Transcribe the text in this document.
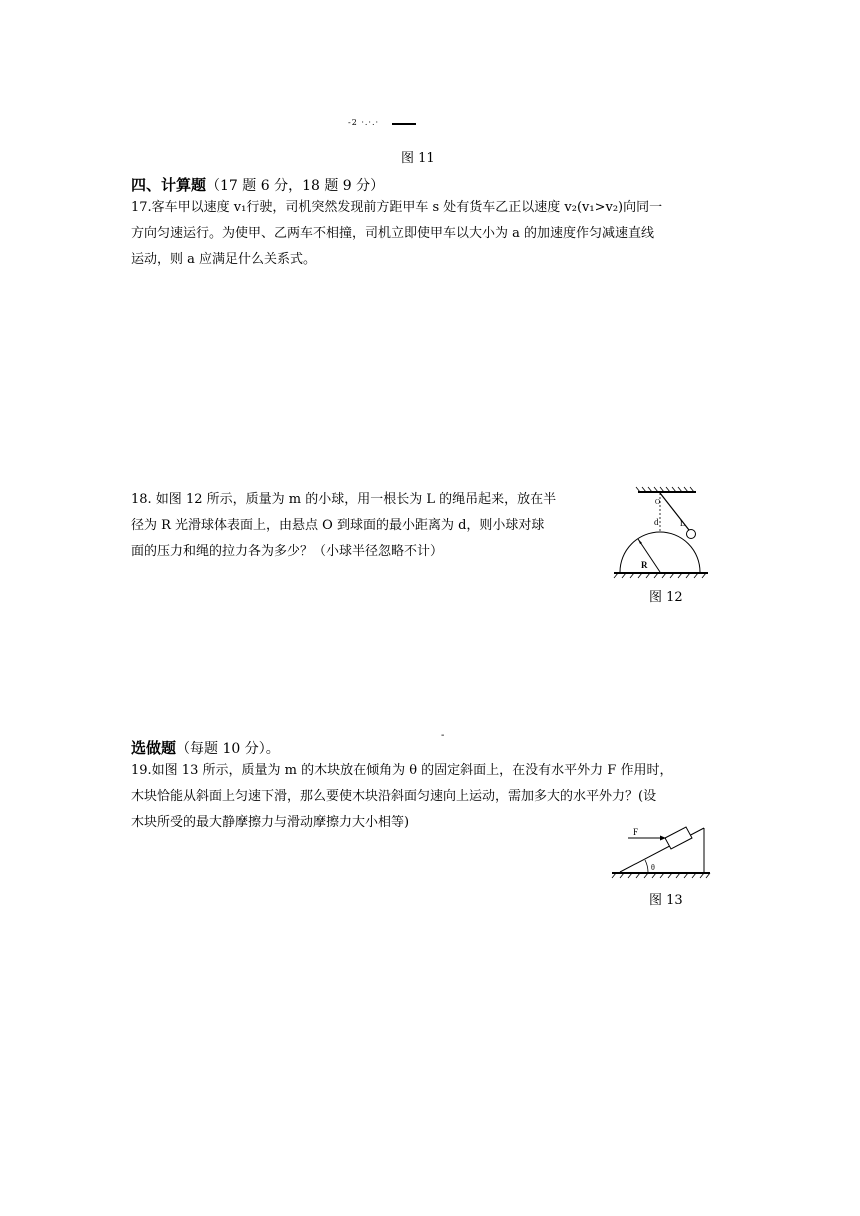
-2 ·.·.·
图 11
四、计算题（17 题 6 分，18 题 9 分）
17.客车甲以速度 v₁行驶，司机突然发现前方距甲车 s 处有货车乙正以速度 v₂(v₁>v₂)向同一
方向匀速运行。为使甲、乙两车不相撞，司机立即使甲车以大小为 a 的加速度作匀减速直线
运动，则 a 应满足什么关系式。
18. 如图 12 所示，质量为 m 的小球，用一根长为 L 的绳吊起来，放在半
径为 R 光滑球体表面上，由悬点 O 到球面的最小距离为 d，则小球对球
面的压力和绳的拉力各为多少？（小球半径忽略不计）
O
d	L
R
图 12
-
选做题（每题 10 分）。
19.如图 13 所示，质量为 m 的木块放在倾角为 θ 的固定斜面上，在没有水平外力 F 作用时，
木块恰能从斜面上匀速下滑，那么要使木块沿斜面匀速向上运动，需加多大的水平外力？(设
木块所受的最大静摩擦力与滑动摩擦力大小相等)
F
θ
图 13
